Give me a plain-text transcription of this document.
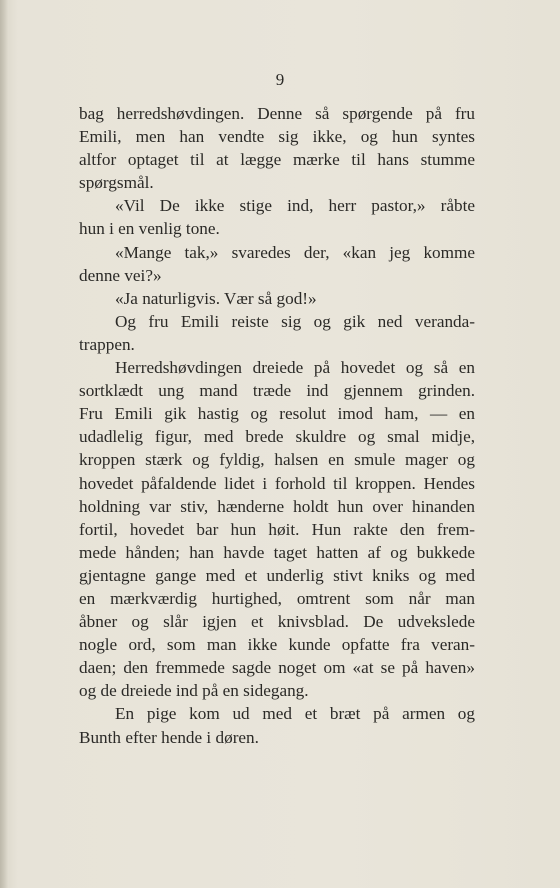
9
bag herredshøvdingen. Denne så spørgende på fru
Emili, men han vendte sig ikke, og hun syntes
altfor optaget til at lægge mærke til hans stumme
spørgsmål.
«Vil De ikke stige ind, herr pastor,» råbte
hun i en venlig tone.
«Mange tak,» svaredes der, «kan jeg komme
denne vei?»
«Ja naturligvis. Vær så god!»
Og fru Emili reiste sig og gik ned veranda-
trappen.
Herredshøvdingen dreiede på hovedet og så en
sortklædt ung mand træde ind gjennem grinden.
Fru Emili gik hastig og resolut imod ham, — en
udadlelig figur, med brede skuldre og smal midje,
kroppen stærk og fyldig, halsen en smule mager og
hovedet påfaldende lidet i forhold til kroppen. Hendes
holdning var stiv, hænderne holdt hun over hinanden
fortil, hovedet bar hun høit. Hun rakte den frem-
mede hånden; han havde taget hatten af og bukkede
gjentagne gange med et underlig stivt kniks og med
en mærkværdig hurtighed, omtrent som når man
åbner og slår igjen et knivsblad. De udvekslede
nogle ord, som man ikke kunde opfatte fra veran-
daen; den fremmede sagde noget om «at se på haven»
og de dreiede ind på en sidegang.
En pige kom ud med et bræt på armen og
Bunth efter hende i døren.
